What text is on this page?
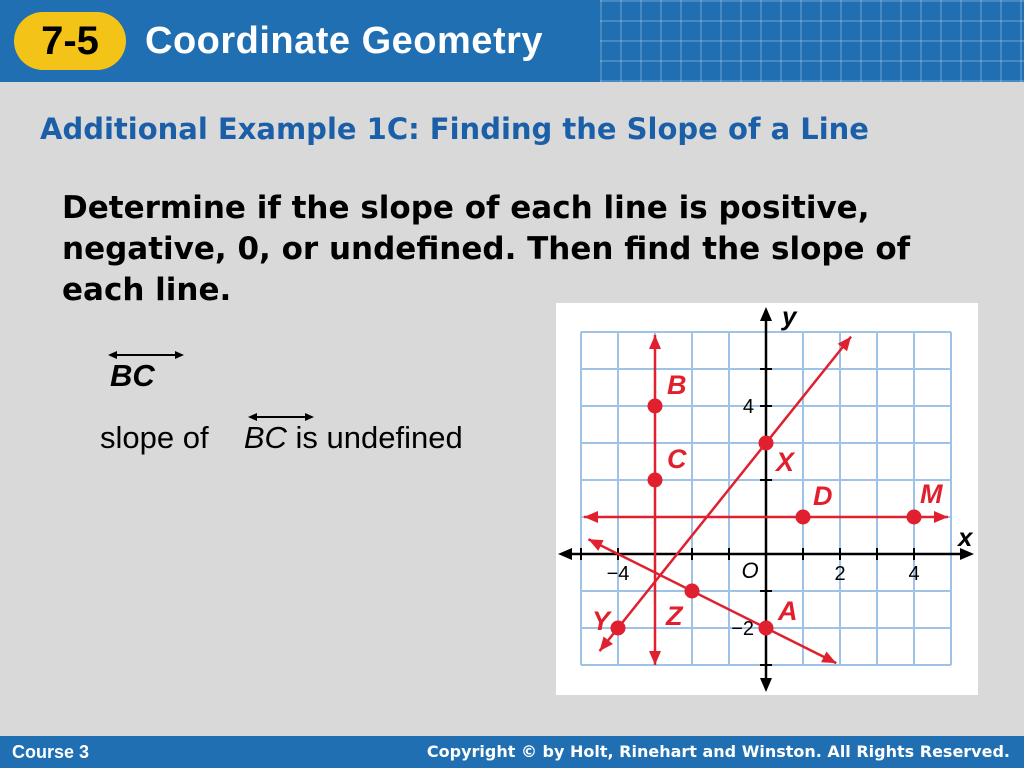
7-5	Coordinate Geometry
Additional Example 1C: Finding the Slope of a Line
Determine if the slope of each line is positive, negative, 0, or undefined. Then find the slope of each line.
BC
slope of BC is undefined
−4	2	4
4
−2
O
x
y
B
C	X
D	M
Z	A
Y
Course 3	Copyright © by Holt, Rinehart and Winston. All Rights Reserved.
